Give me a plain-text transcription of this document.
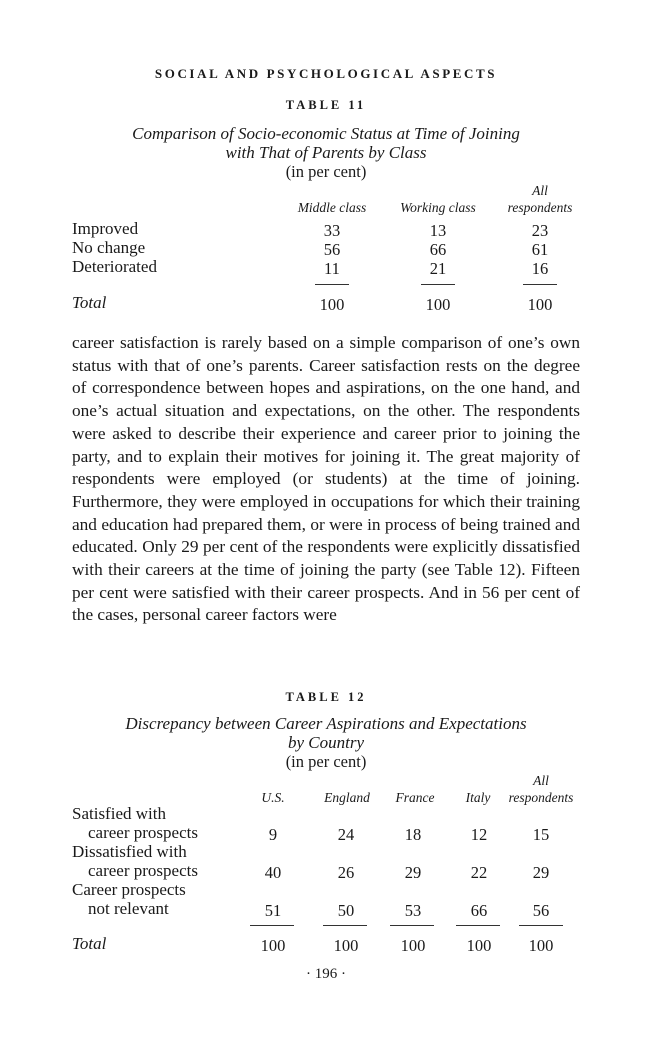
SOCIAL AND PSYCHOLOGICAL ASPECTS
TABLE 11
Comparison of Socio-economic Status at Time of Joining
with That of Parents by Class
(in per cent)
Middle class	Working class
All
respondents
Improved	33	13	23
No change	56	66	61
Deteriorated	11	21	16
Total	100	100	100

career satisfaction is rarely based on a simple comparison of one’s own status with that of one’s parents. Career satisfaction rests on the degree of correspondence between hopes and aspirations, on the one hand, and one’s actual situation and expectations, on the other. The respondents were asked to describe their experience and career prior to joining the party, and to explain their motives for joining it. The great majority of respondents were employed (or students) at the time of joining. Furthermore, they were employed in occupations for which their training and education had prepared them, or were in process of being trained and educated. Only 29 per cent of the respondents were explicitly dissatisfied with their careers at the time of joining the party (see Table 12). Fifteen per cent were satisfied with their career prospects. And in 56 per cent of the cases, personal career factors were

TABLE 12
Discrepancy between Career Aspirations and Expectations
by Country
(in per cent)
U.S.	England	France	Italy
All
respondents
Satisfied with
career prospects	9	24	18	12	15
Dissatisfied with
career prospects	40	26	29	22	29
Career prospects
not relevant	51	50	53	66	56
Total	100	100	100	100	100
· 196 ·
